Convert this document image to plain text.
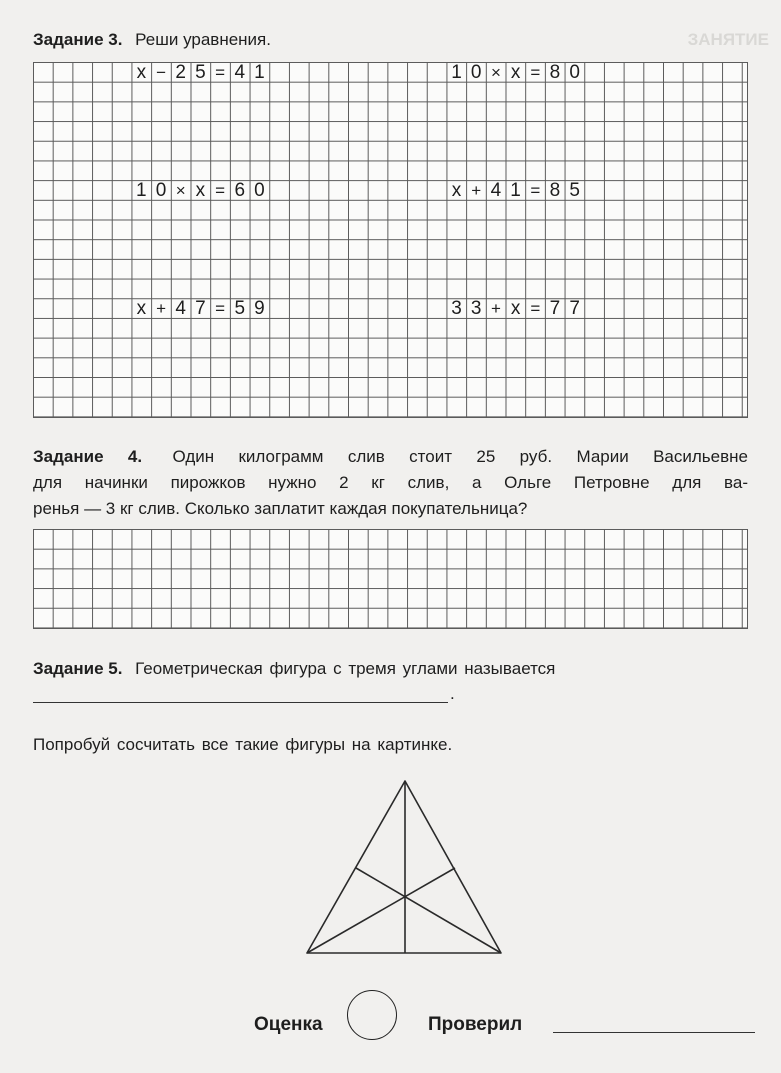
ЗАНЯТИЕ
Задание 3. Реши уравнения.
x − 2 5 = 4 1	1 0 × x = 8 0
1 0 × x = 6 0	x + 4 1 = 8 5
x + 4 7 = 5 9	3 3 + x = 7 7
Задание 4. Один килограмм слив стоит 25 руб. Марии Васильевне
для начинки пирожков нужно 2 кг слив, а Ольге Петровне для ва-
ренья — 3 кг слив. Сколько заплатит каждая покупательница?
Задание 5. Геометрическая фигура с тремя углами называется
.
Попробуй сосчитать все такие фигуры на картинке.
Оценка	Проверил
